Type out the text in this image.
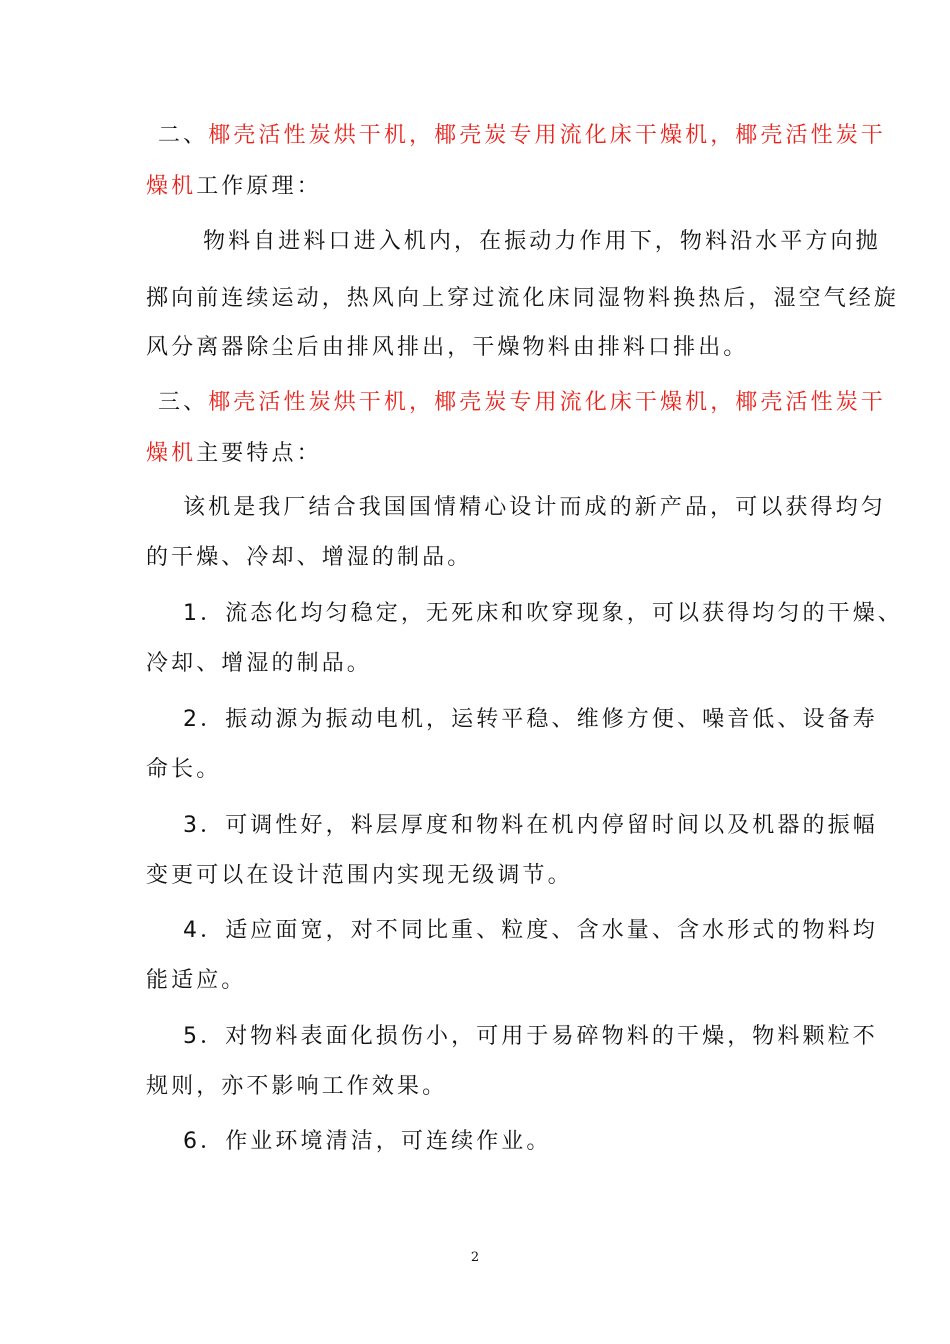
二、椰壳活性炭烘干机，椰壳炭专用流化床干燥机，椰壳活性炭干
燥机工作原理：
物料自进料口进入机内，在振动力作用下，物料沿水平方向抛
掷向前连续运动，热风向上穿过流化床同湿物料换热后，湿空气经旋
风分离器除尘后由排风排出，干燥物料由排料口排出。
三、椰壳活性炭烘干机，椰壳炭专用流化床干燥机，椰壳活性炭干
燥机主要特点：
该机是我厂结合我国国情精心设计而成的新产品，可以获得均匀
的干燥、冷却、增湿的制品。
1．流态化均匀稳定，无死床和吹穿现象，可以获得均匀的干燥、
冷却、增湿的制品。
2．振动源为振动电机，运转平稳、维修方便、噪音低、设备寿
命长。
3．可调性好，料层厚度和物料在机内停留时间以及机器的振幅
变更可以在设计范围内实现无级调节。
4．适应面宽，对不同比重、粒度、含水量、含水形式的物料均
能适应。
5．对物料表面化损伤小，可用于易碎物料的干燥，物料颗粒不
规则，亦不影响工作效果。
6．作业环境清洁，可连续作业。
2
